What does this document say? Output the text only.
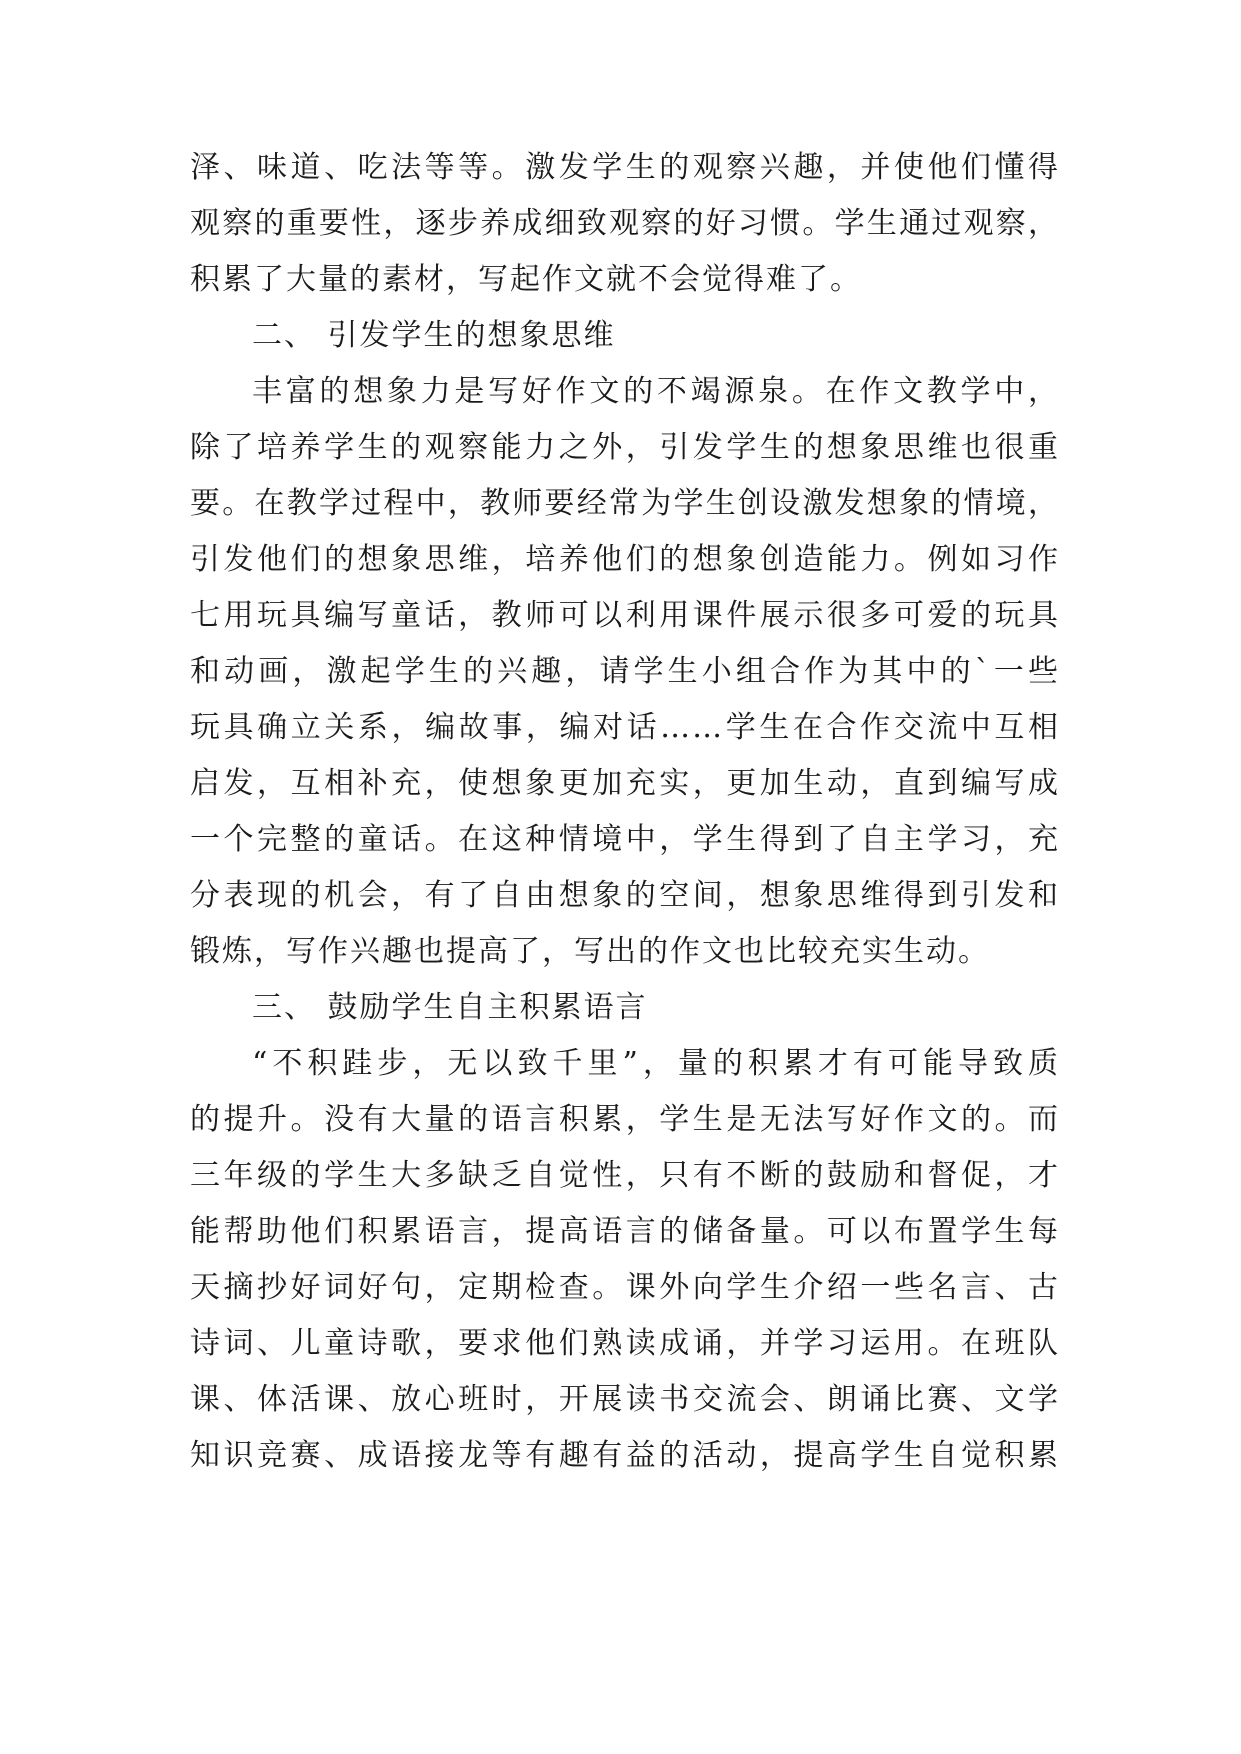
泽、味道、吃法等等。激发学生的观察兴趣，并使他们懂得
观察的重要性，逐步养成细致观察的好习惯。学生通过观察，
积累了大量的素材，写起作文就不会觉得难了。
二、 引发学生的想象思维
丰富的想象力是写好作文的不竭源泉。在作文教学中，
除了培养学生的观察能力之外，引发学生的想象思维也很重
要。在教学过程中，教师要经常为学生创设激发想象的情境，
引发他们的想象思维，培养他们的想象创造能力。例如习作
七用玩具编写童话，教师可以利用课件展示很多可爱的玩具
和动画，激起学生的兴趣，请学生小组合作为其中的`一些
玩具确立关系，编故事，编对话……学生在合作交流中互相
启发，互相补充，使想象更加充实，更加生动，直到编写成
一个完整的童话。在这种情境中，学生得到了自主学习，充
分表现的机会，有了自由想象的空间，想象思维得到引发和
锻炼，写作兴趣也提高了，写出的作文也比较充实生动。
三、 鼓励学生自主积累语言
“不积跬步，无以致千里”，量的积累才有可能导致质
的提升。没有大量的语言积累，学生是无法写好作文的。而
三年级的学生大多缺乏自觉性，只有不断的鼓励和督促，才
能帮助他们积累语言，提高语言的储备量。可以布置学生每
天摘抄好词好句，定期检查。课外向学生介绍一些名言、古
诗词、儿童诗歌，要求他们熟读成诵，并学习运用。在班队
课、体活课、放心班时，开展读书交流会、朗诵比赛、文学
知识竞赛、成语接龙等有趣有益的活动，提高学生自觉积累
